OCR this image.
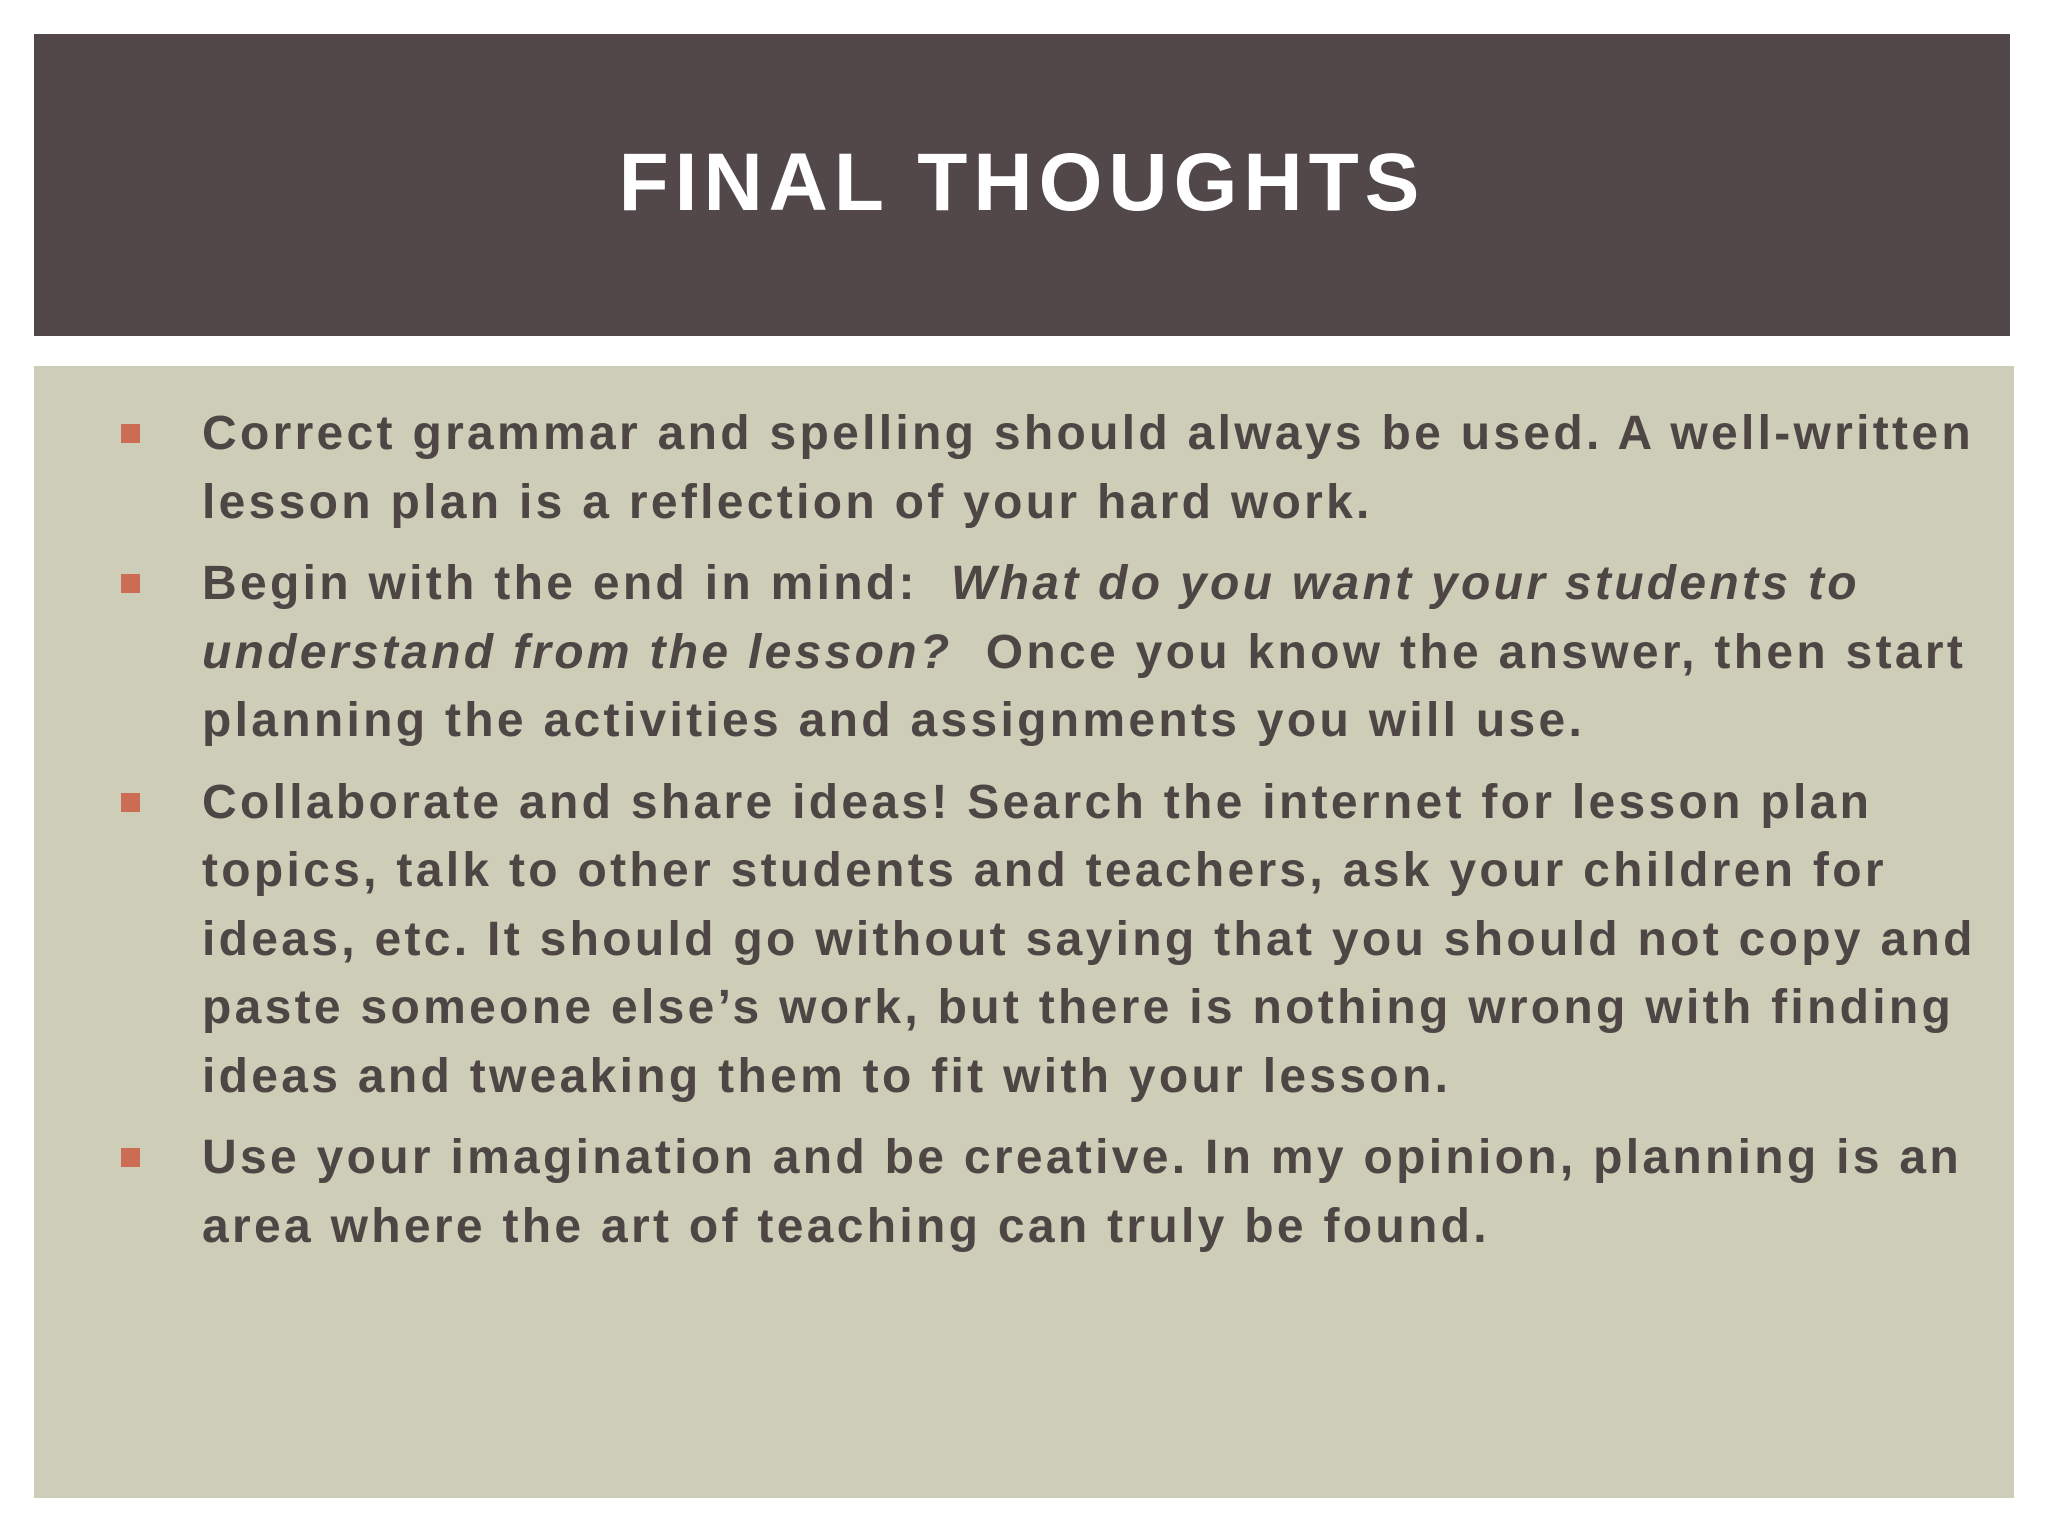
FINAL THOUGHTS
Correct grammar and spelling should always be used. A well-written lesson plan is a reflection of your hard work.
Begin with the end in mind:  What do you want your students to understand from the lesson?  Once you know the answer, then start planning the activities and assignments you will use.
Collaborate and share ideas! Search the internet for lesson plan topics, talk to other students and teachers, ask your children for ideas, etc. It should go without saying that you should not copy and paste someone else’s work, but there is nothing wrong with finding ideas and tweaking them to fit with your lesson.
Use your imagination and be creative. In my opinion, planning is an area where the art of teaching can truly be found.
